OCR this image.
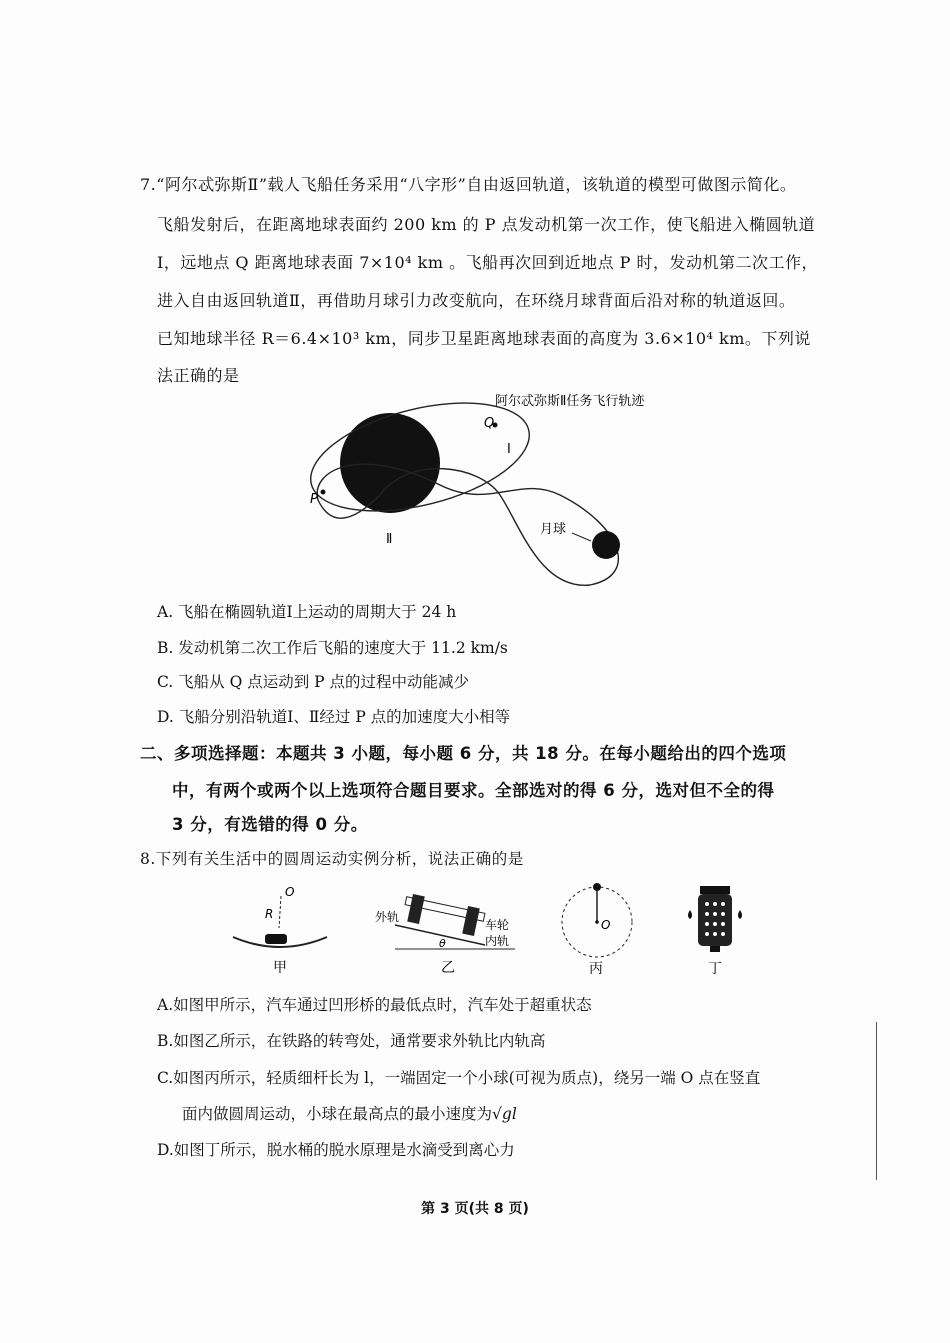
7.“阿尔忒弥斯Ⅱ”载人飞船任务采用“八字形”自由返回轨道，该轨道的模型可做图示简化。
飞船发射后，在距离地球表面约 200 km 的 P 点发动机第一次工作，使飞船进入椭圆轨道
Ⅰ，远地点 Q 距离地球表面 7×10⁴ km 。飞船再次回到近地点 P 时，发动机第二次工作，
进入自由返回轨道Ⅱ，再借助月球引力改变航向，在环绕月球背面后沿对称的轨道返回。
已知地球半径 R＝6.4×10³ km，同步卫星距离地球表面的高度为 3.6×10⁴ km。下列说
法正确的是
阿尔忒弥斯Ⅱ任务飞行轨迹
Q
P
Ⅰ
Ⅱ
月球
A. 飞船在椭圆轨道Ⅰ上运动的周期大于 24 h
B. 发动机第二次工作后飞船的速度大于 11.2 km/s
C. 飞船从 Q 点运动到 P 点的过程中动能减少
D. 飞船分别沿轨道Ⅰ、Ⅱ经过 P 点的加速度大小相等
二、多项选择题：本题共 3 小题，每小题 6 分，共 18 分。在每小题给出的四个选项
中，有两个或两个以上选项符合题目要求。全部选对的得 6 分，选对但不全的得
3 分，有选错的得 0 分。
8.下列有关生活中的圆周运动实例分析，说法正确的是
O
R
甲
外轨
车轮
内轨
θ
乙
O
丙	丁
A.如图甲所示，汽车通过凹形桥的最低点时，汽车处于超重状态
B.如图乙所示，在铁路的转弯处，通常要求外轨比内轨高
C.如图丙所示，轻质细杆长为 l，一端固定一个小球(可视为质点)，绕另一端 O 点在竖直
面内做圆周运动，小球在最高点的最小速度为√gl
D.如图丁所示，脱水桶的脱水原理是水滴受到离心力
第 3 页(共 8 页)
